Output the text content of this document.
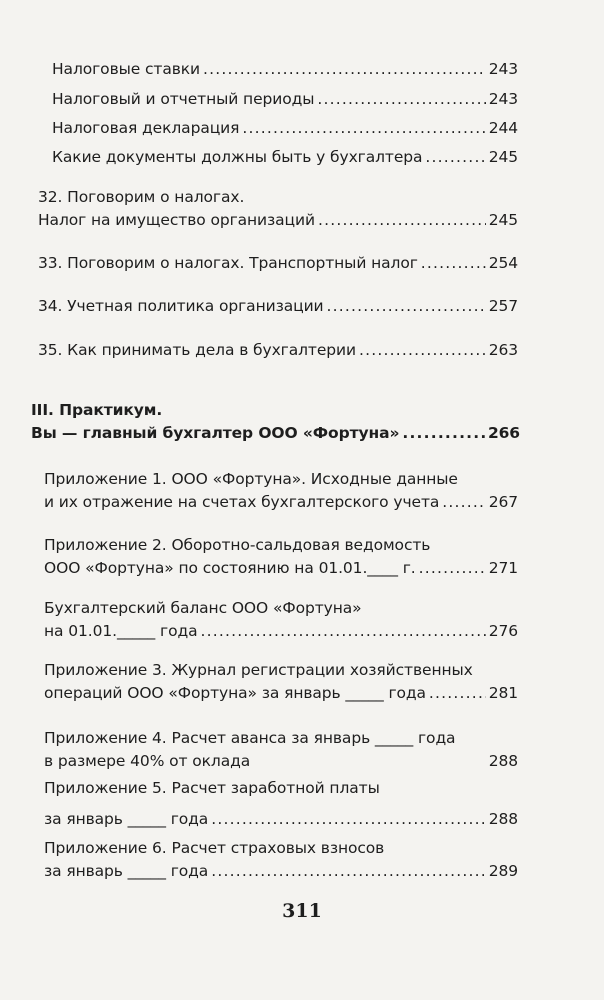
Налоговые ставки .....	243
Налоговый и отчетный периоды .....	243
Налоговая декларация .....	244
Какие документы должны быть у бухгалтера .....	245
32. Поговорим о налогах.
Налог на имущество организаций .....	245
33. Поговорим о налогах. Транспортный налог .....	254
34. Учетная политика организации .....	257
35. Как принимать дела в бухгалтерии .....	263
III. Практикум.
Вы — главный бухгалтер ООО «Фортуна» .....	266
Приложение 1. ООО «Фортуна». Исходные данные
и их отражение на счетах бухгалтерского учета .....	267
Приложение 2. Оборотно-сальдовая ведомость
ООО «Фортуна» по состоянию на 01.01.____ г. .....	271
Бухгалтерский баланс ООО «Фортуна»
на 01.01._____ года .....	276
Приложение 3. Журнал регистрации хозяйственных
операций ООО «Фортуна» за январь _____ года .....	281
Приложение 4. Расчет аванса за январь _____ года
в размере 40% от оклада	288
Приложение 5. Расчет заработной платы
за январь _____ года .....	288
Приложение 6. Расчет страховых взносов
за январь _____ года .....	289
311
